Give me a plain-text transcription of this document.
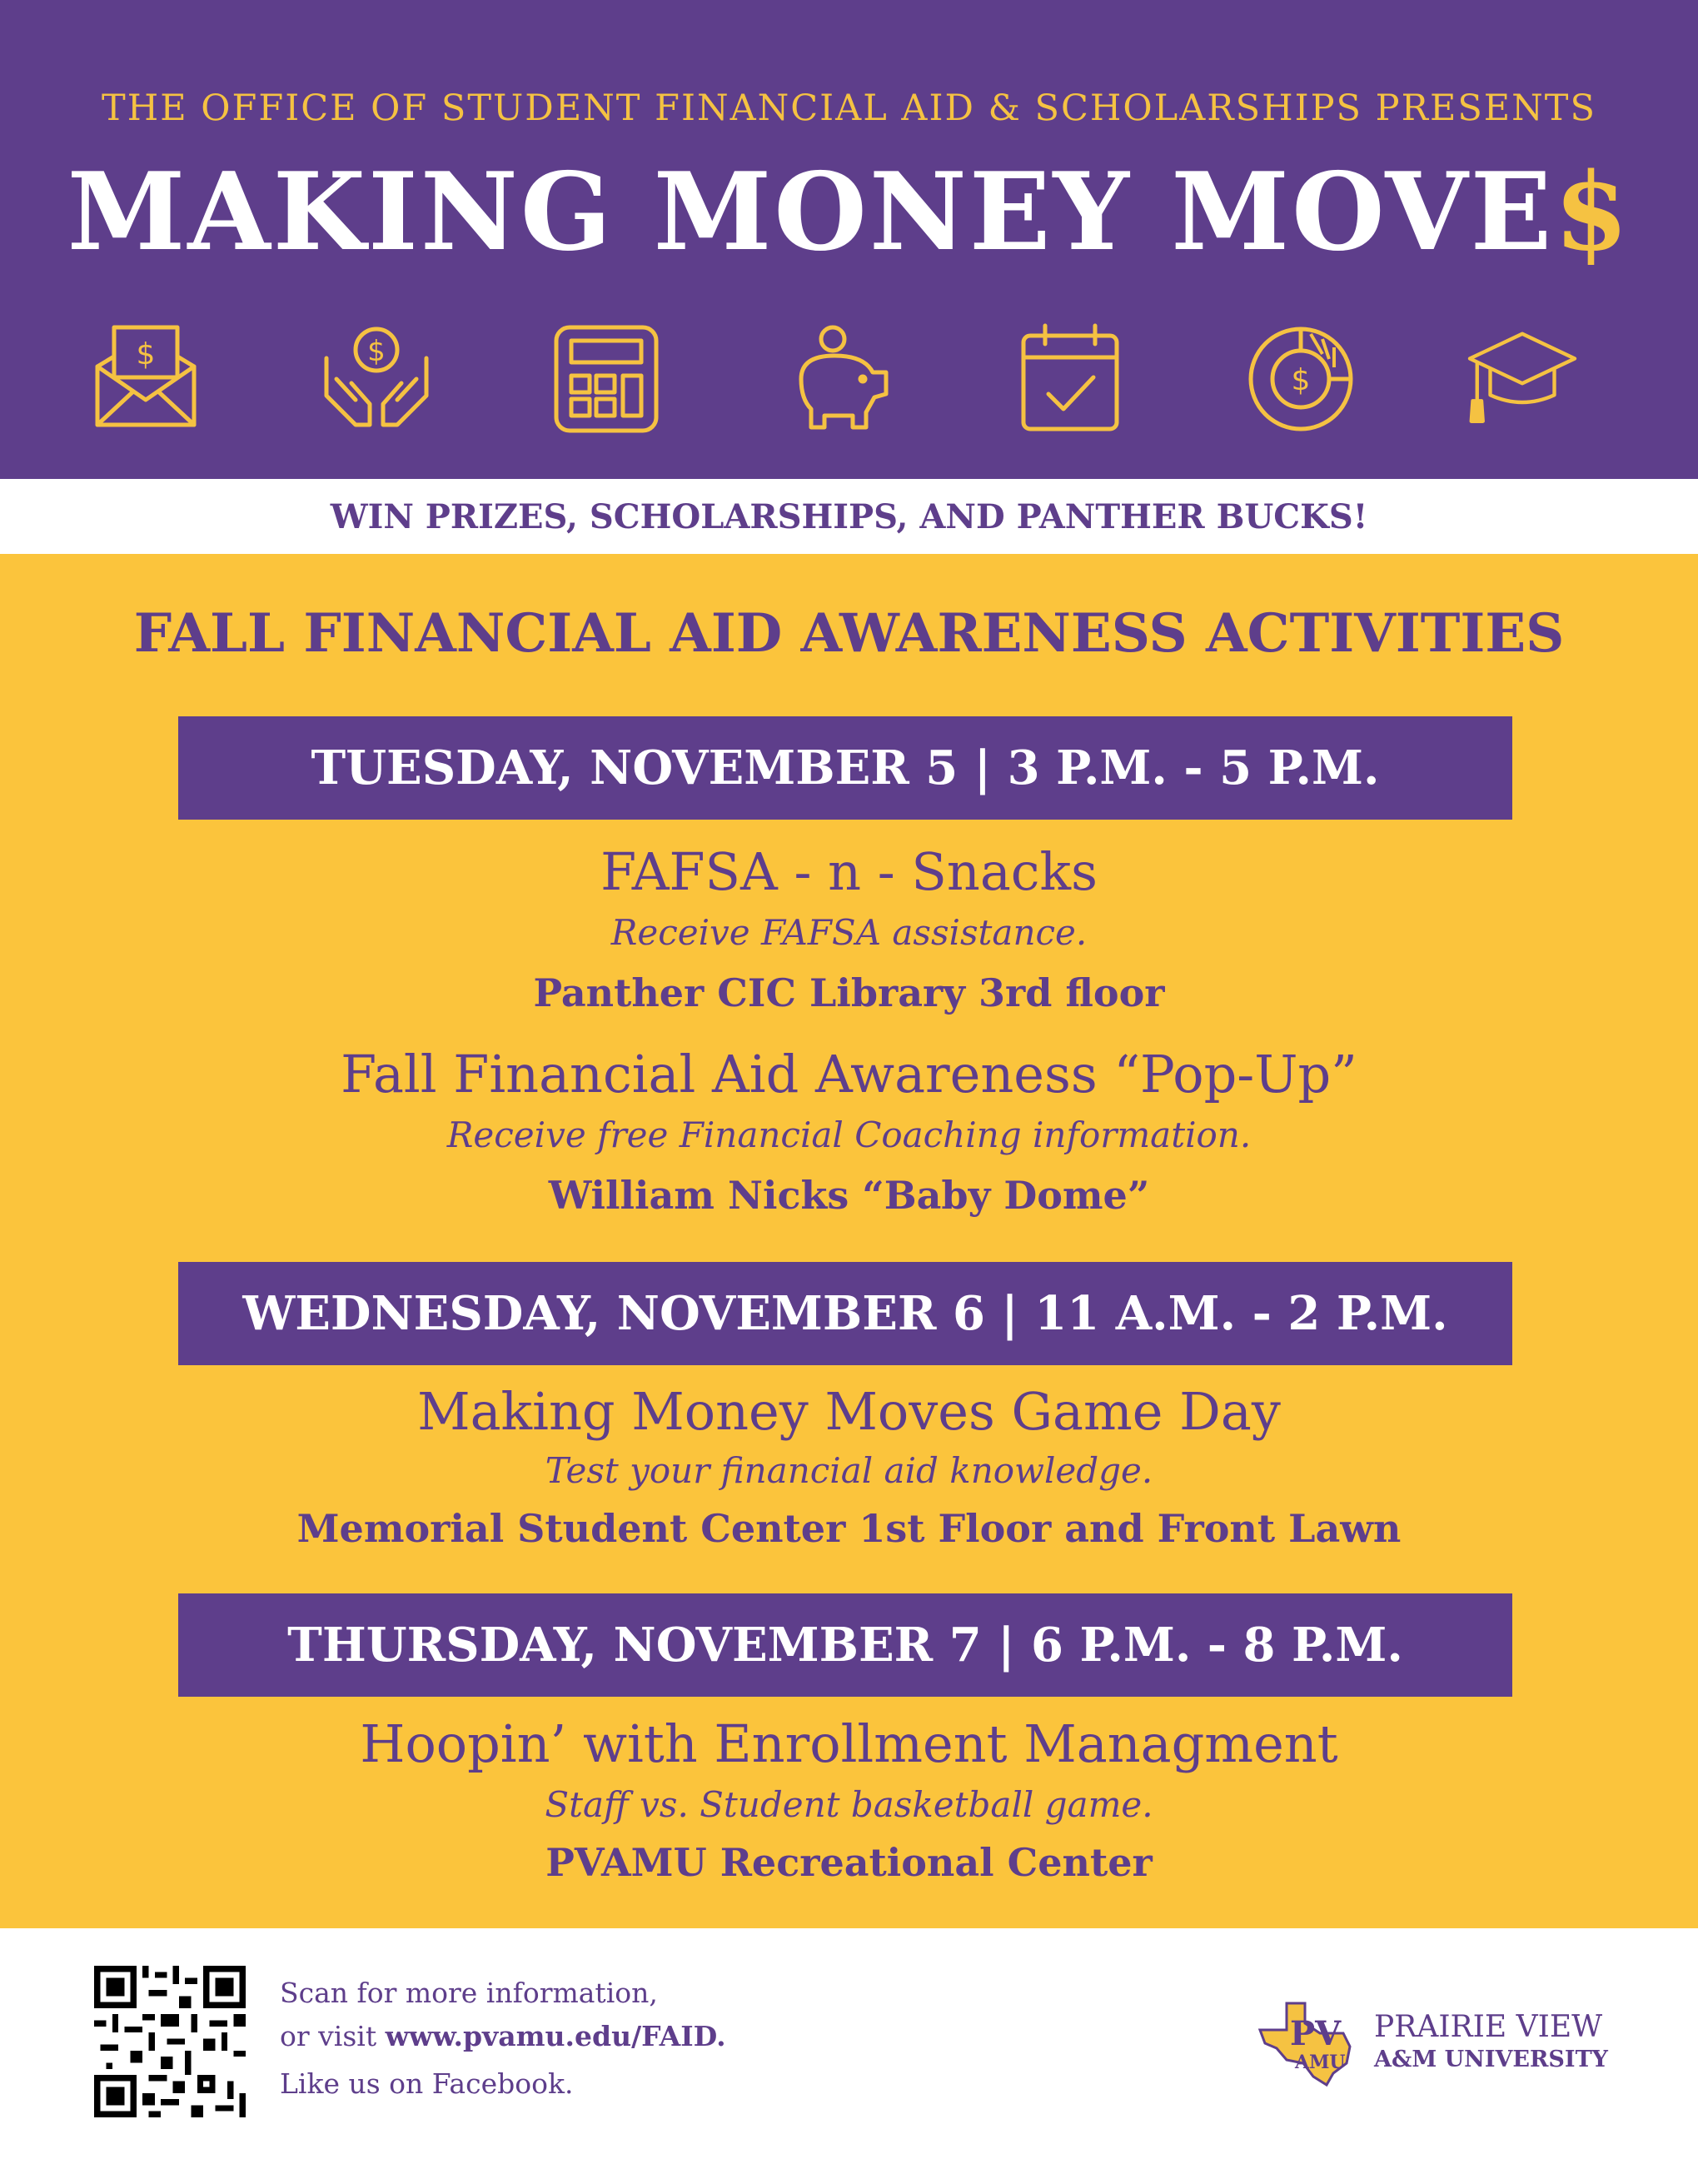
THE OFFICE OF STUDENT FINANCIAL AID & SCHOLARSHIPS PRESENTS
MAKING MONEY MOVE$
$	$
$
WIN PRIZES, SCHOLARSHIPS, AND PANTHER BUCKS!
FALL FINANCIAL AID AWARENESS ACTIVITIES
TUESDAY, NOVEMBER 5 | 3 P.M. - 5 P.M.
FAFSA - n - Snacks
Receive FAFSA assistance.
Panther CIC Library 3rd floor
Fall Financial Aid Awareness “Pop-Up”
Receive free Financial Coaching information.
William Nicks “Baby Dome”
WEDNESDAY, NOVEMBER 6 | 11 A.M. - 2 P.M.
Making Money Moves Game Day
Test your financial aid knowledge.
Memorial Student Center 1st Floor and Front Lawn
THURSDAY, NOVEMBER 7 | 6 P.M. - 8 P.M.
Hoopin’ with Enrollment Managment
Staff vs. Student basketball game.
PVAMU Recreational Center
Scan for more information,
or visit www.pvamu.edu/FAID.
Like us on Facebook.
PV
AMU
PRAIRIE VIEW
A&M UNIVERSITY
